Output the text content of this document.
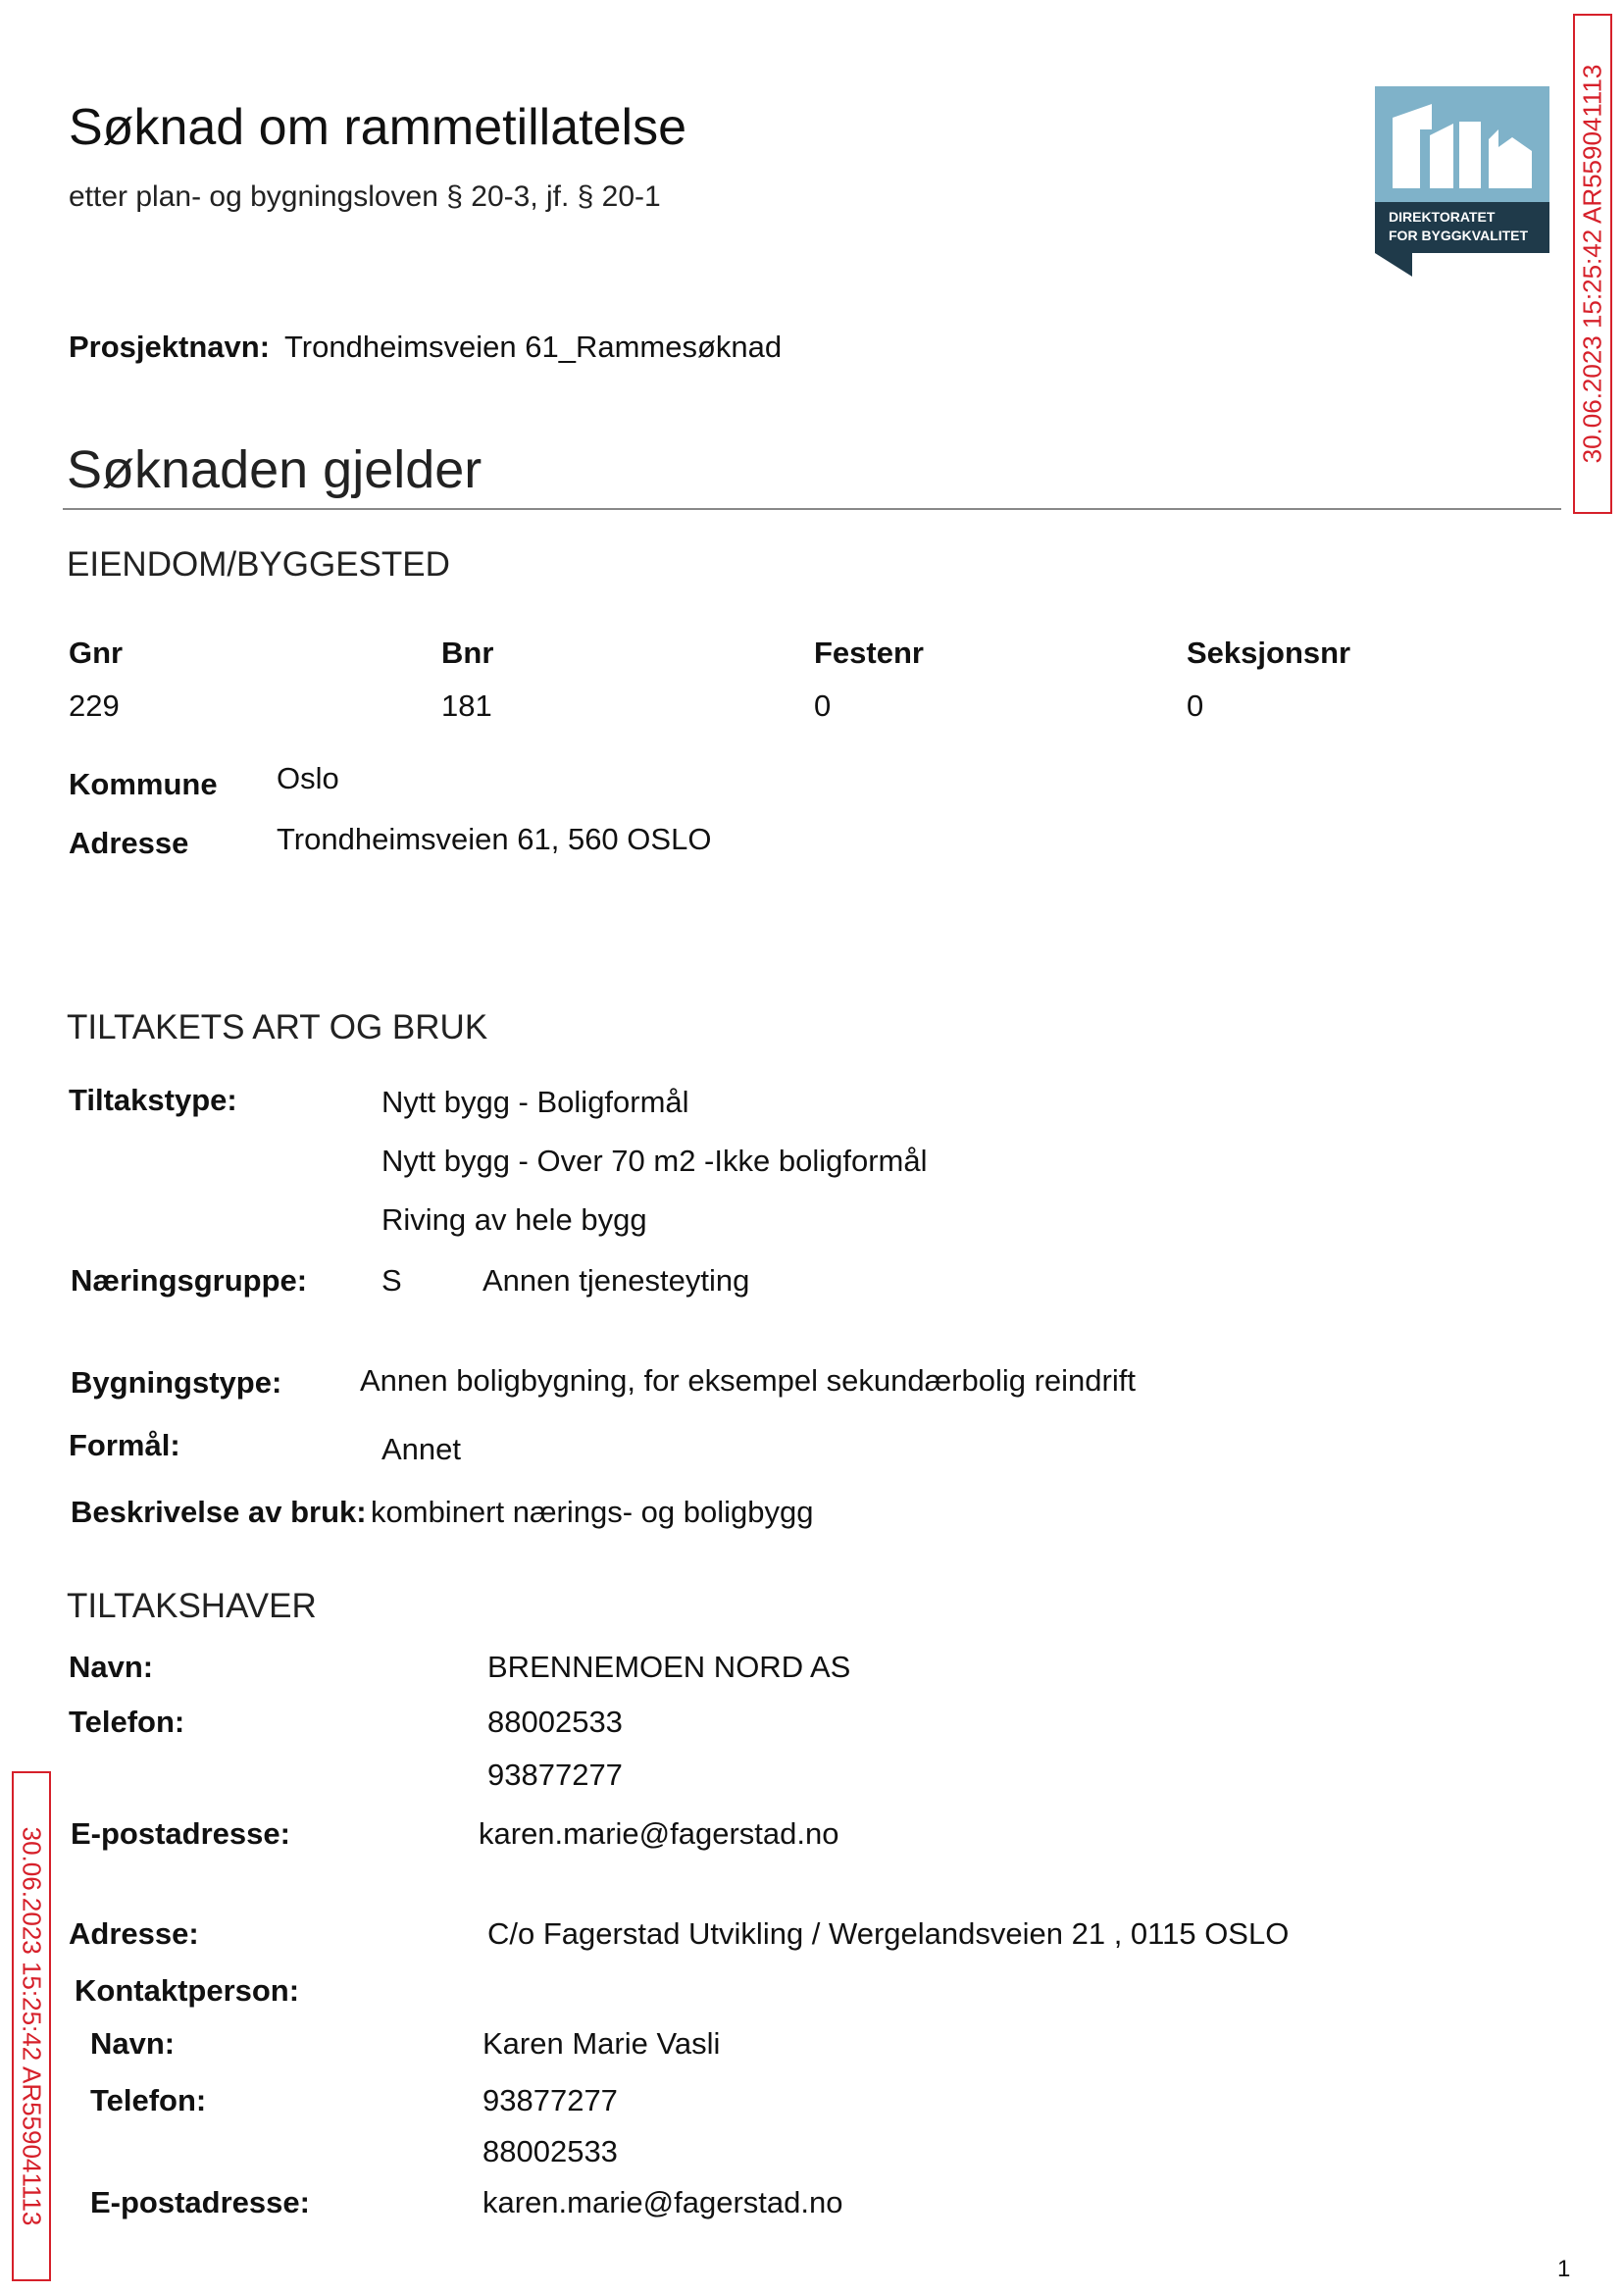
Søknad om rammetillatelse
etter plan- og bygningsloven § 20-3, jf. § 20-1
DIREKTORATET
FOR BYGGKVALITET 30.06.2023 15:25:42 AR559041113
Prosjektnavn: Trondheimsveien 61_Rammesøknad
Søknaden gjelder
EIENDOM/BYGGESTED
Gnr	Bnr	Festenr	Seksjonsnr
229	181	0	0
Kommune Oslo
Adresse	Trondheimsveien 61, 560 OSLO
TILTAKETS ART OG BRUK
Tiltakstype:	Nytt bygg - Boligformål
Nytt bygg - Over 70 m2 -Ikke boligformål
Riving av hele bygg
Næringsgruppe: S	Annen tjenesteyting
Bygningstype:	Annen boligbygning, for eksempel sekundærbolig reindrift
Formål:	Annet
Beskrivelse av bruk: kombinert nærings- og boligbygg
TILTAKSHAVER
Navn:	BRENNEMOEN NORD AS
Telefon:	88002533
93877277
E-postadresse:	karen.marie@fagerstad.no
Adresse:	C/o Fagerstad Utvikling / Wergelandsveien 21 , 0115 OSLO
Kontaktperson:
Navn:	Karen Marie Vasli
Telefon:	93877277
88002533
E-postadresse:	karen.marie@fagerstad.no
30.06.2023 15:25:42 AR559041113
1
